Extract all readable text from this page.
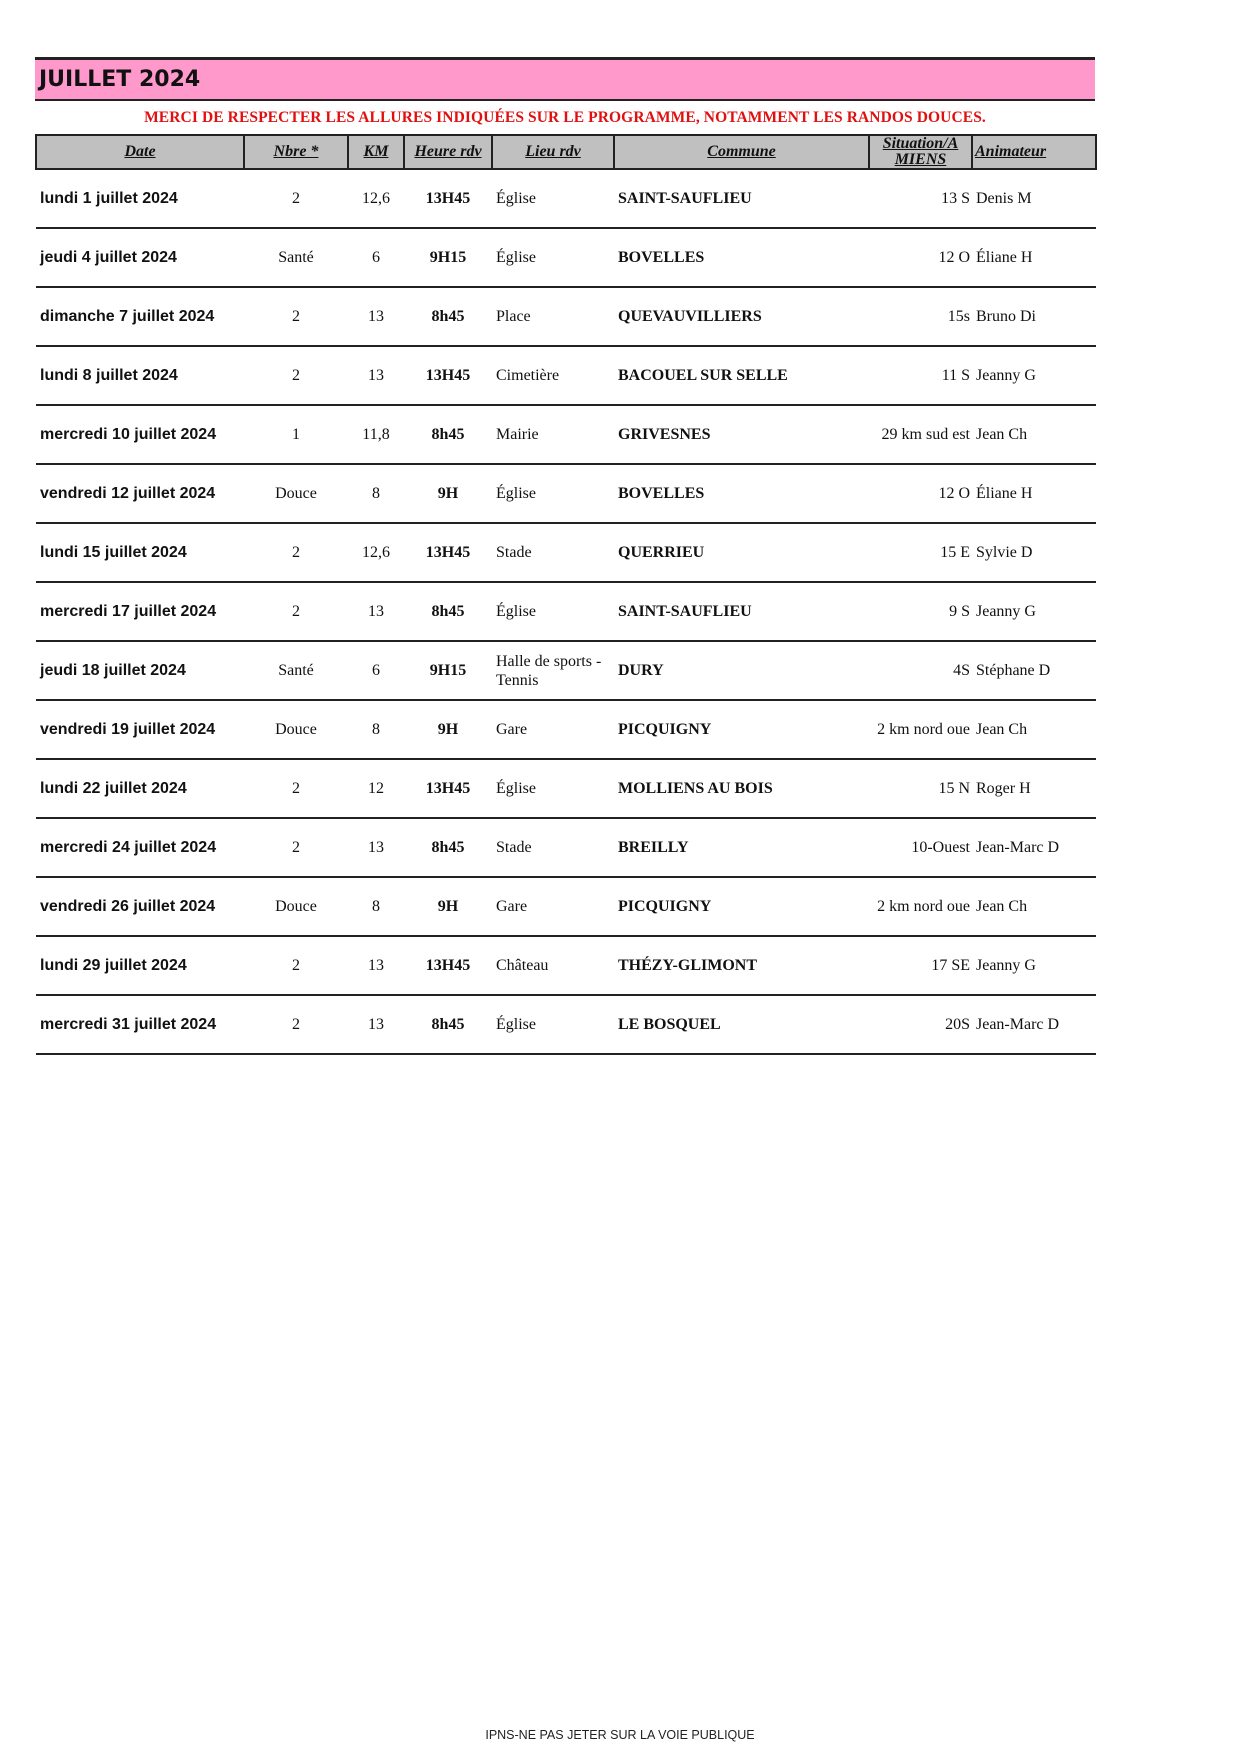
JUILLET 2024
MERCI DE RESPECTER LES ALLURES INDIQUÉES SUR LE PROGRAMME, NOTAMMENT LES RANDOS DOUCES.
Date	Nbre *	KM	Heure rdv	Lieu rdv	Commune	Situation/A MIENS	Animateur
lundi 1 juillet 2024	2	12,6	13H45	Église	SAINT-SAUFLIEU	13 S	Denis M
jeudi 4 juillet 2024	Santé	6	9H15	Église	BOVELLES	12 O	Éliane H
dimanche 7 juillet 2024	2	13	8h45	Place	QUEVAUVILLIERS	15s	Bruno Di
lundi 8 juillet 2024	2	13	13H45	Cimetière	BACOUEL SUR SELLE	11 S	Jeanny G
mercredi 10 juillet 2024	1	11,8	8h45	Mairie	GRIVESNES	29 km sud est	Jean Ch
vendredi 12 juillet 2024	Douce	8	9H	Église	BOVELLES	12 O	Éliane H
lundi 15 juillet 2024	2	12,6	13H45	Stade	QUERRIEU	15 E	Sylvie D
mercredi 17 juillet 2024	2	13	8h45	Église	SAINT-SAUFLIEU	9 S	Jeanny G
jeudi 18 juillet 2024	Santé	6	9H15	Halle de sports -Tennis	DURY	4S	Stéphane D
vendredi 19 juillet 2024	Douce	8	9H	Gare	PICQUIGNY	2 km nord oue	Jean Ch
lundi 22 juillet 2024	2	12	13H45	Église	MOLLIENS AU BOIS	15 N	Roger H
mercredi 24 juillet 2024	2	13	8h45	Stade	BREILLY	10-Ouest	Jean-Marc D
vendredi 26 juillet 2024	Douce	8	9H	Gare	PICQUIGNY	2 km nord oue	Jean Ch
lundi 29 juillet 2024	2	13	13H45	Château	THÉZY-GLIMONT	17 SE	Jeanny G
mercredi 31 juillet 2024	2	13	8h45	Église	LE BOSQUEL	20S	Jean-Marc D
IPNS-NE PAS JETER SUR LA VOIE PUBLIQUE
